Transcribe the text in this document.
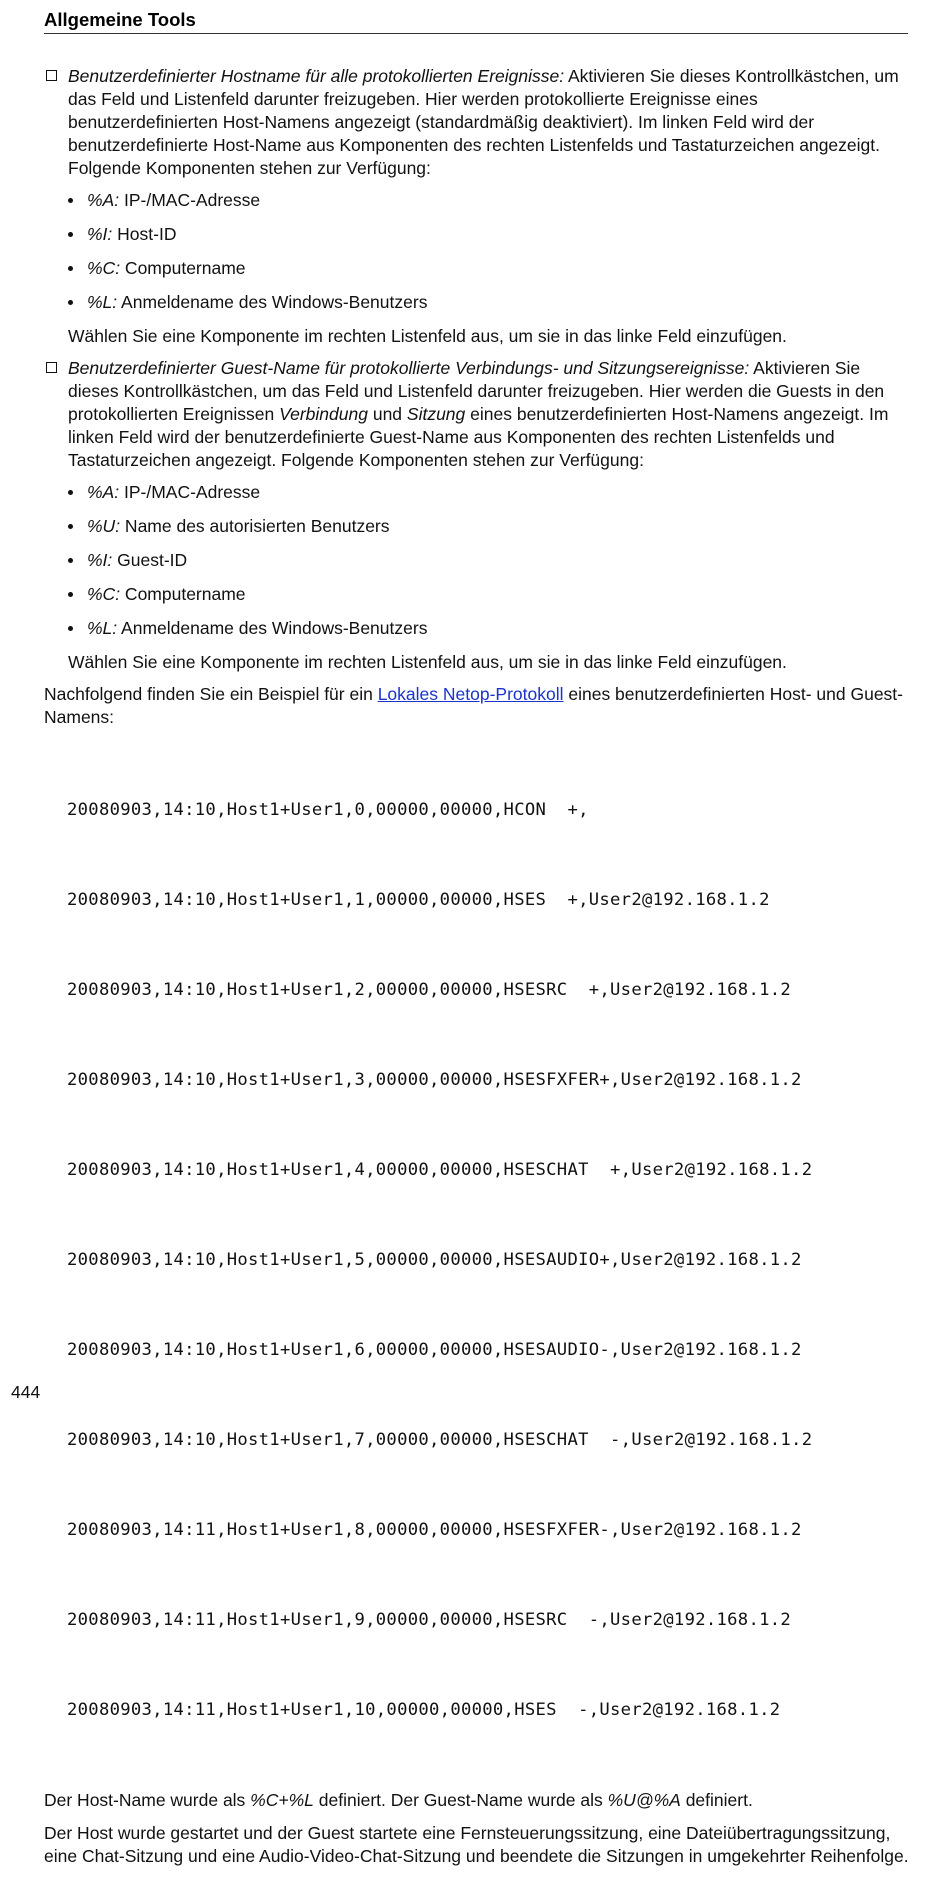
Allgemeine Tools

Benutzerdefinierter Hostname für alle protokollierten Ereignisse: Aktivieren Sie dieses Kontrollkästchen, um das Feld und Listenfeld darunter freizugeben. Hier werden protokollierte Ereignisse eines benutzerdefinierten Host-Namens angezeigt (standardmäßig deaktiviert). Im linken Feld wird der benutzerdefinierte Host-Name aus Komponenten des rechten Listenfelds und Tastaturzeichen angezeigt. Folgende Komponenten stehen zur Verfügung:

%A: IP-/MAC-Adresse
%I: Host-ID
%C: Computername
%L: Anmeldename des Windows-Benutzers

Wählen Sie eine Komponente im rechten Listenfeld aus, um sie in das linke Feld einzufügen.

Benutzerdefinierter Guest-Name für protokollierte Verbindungs- und Sitzungsereignisse: Aktivieren Sie dieses Kontrollkästchen, um das Feld und Listenfeld darunter freizugeben. Hier werden die Guests in den protokollierten Ereignissen Verbindung und Sitzung eines benutzerdefinierten Host-Namens angezeigt. Im linken Feld wird der benutzerdefinierte Guest-Name aus Komponenten des rechten Listenfelds und Tastaturzeichen angezeigt. Folgende Komponenten stehen zur Verfügung:

%A: IP-/MAC-Adresse
%U: Name des autorisierten Benutzers
%I: Guest-ID
%C: Computername
%L: Anmeldename des Windows-Benutzers

Wählen Sie eine Komponente im rechten Listenfeld aus, um sie in das linke Feld einzufügen.

Nachfolgend finden Sie ein Beispiel für ein Lokales Netop-Protokoll eines benutzerdefinierten Host- und Guest-Namens:

20080903,14:10,Host1+User1,0,00000,00000,HCON  +,

20080903,14:10,Host1+User1,1,00000,00000,HSES  +,User2@192.168.1.2

20080903,14:10,Host1+User1,2,00000,00000,HSESRC  +,User2@192.168.1.2

20080903,14:10,Host1+User1,3,00000,00000,HSESFXFER+,User2@192.168.1.2

20080903,14:10,Host1+User1,4,00000,00000,HSESCHAT  +,User2@192.168.1.2

20080903,14:10,Host1+User1,5,00000,00000,HSESAUDIO+,User2@192.168.1.2

20080903,14:10,Host1+User1,6,00000,00000,HSESAUDIO-,User2@192.168.1.2

20080903,14:10,Host1+User1,7,00000,00000,HSESCHAT  -,User2@192.168.1.2

20080903,14:11,Host1+User1,8,00000,00000,HSESFXFER-,User2@192.168.1.2

20080903,14:11,Host1+User1,9,00000,00000,HSESRC  -,User2@192.168.1.2

20080903,14:11,Host1+User1,10,00000,00000,HSES  -,User2@192.168.1.2

Der Host-Name wurde als %C+%L definiert. Der Guest-Name wurde als %U@%A definiert.

Der Host wurde gestartet und der Guest startete eine Fernsteuerungssitzung, eine Dateiübertragungssitzung, eine Chat-Sitzung und eine Audio-Video-Chat-Sitzung und beendete die Sitzungen in umgekehrter Reihenfolge.

444
